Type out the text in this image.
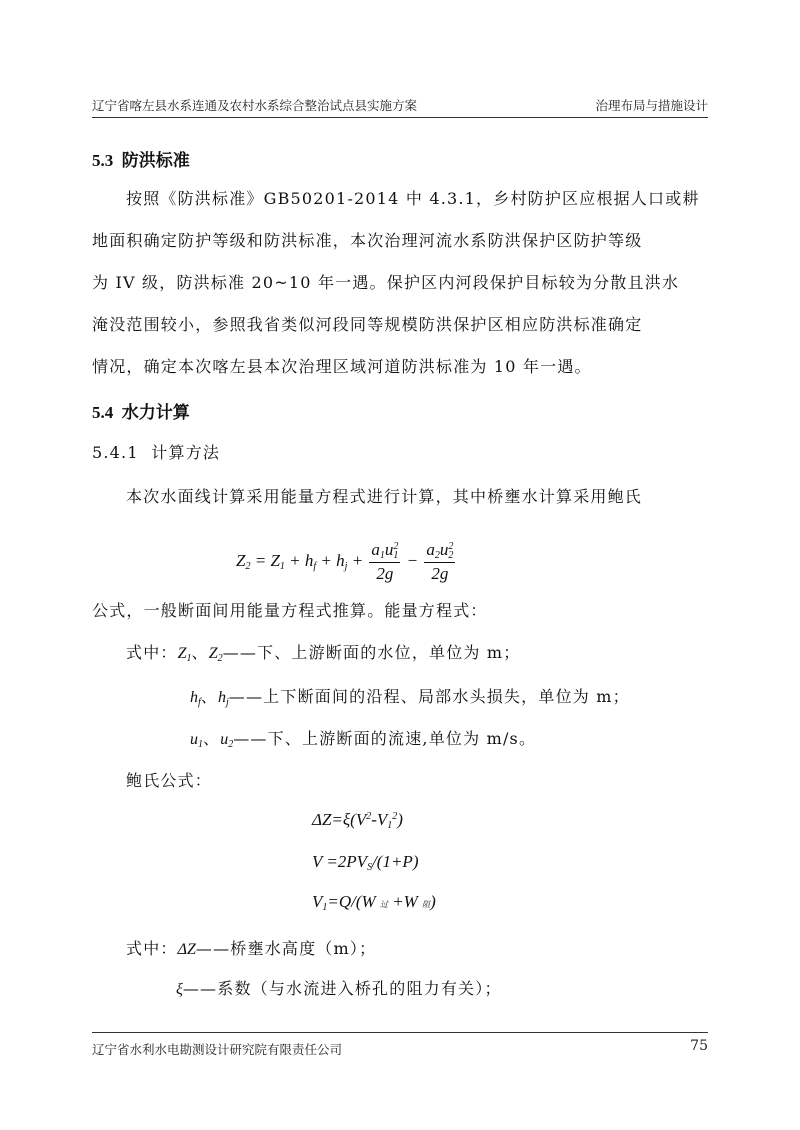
辽宁省喀左县水系连通及农村水系综合整治试点县实施方案	治理布局与措施设计
5.3 防洪标准
按照《防洪标准》GB50201-2014 中 4.3.1，乡村防护区应根据人口或耕
地面积确定防护等级和防洪标准，本次治理河流水系防洪保护区防护等级
为 IV 级，防洪标准 20~10 年一遇。保护区内河段保护目标较为分散且洪水
淹没范围较小，参照我省类似河段同等规模防洪保护区相应防洪标准确定
情况，确定本次喀左县本次治理区域河道防洪标准为 10 年一遇。
5.4 水力计算
5.4.1 计算方法
本次水面线计算采用能量方程式进行计算，其中桥壅水计算采用鲍氏
$Z_2 = Z_1 + h_f + h_j + \frac{a_1u^2_1}{2g} - \frac{a_2u^2_2}{2g}$
公式，一般断面间用能量方程式推算。能量方程式：
式中：$Z_1$、$Z_2——$下、上游断面的水位，单位为 m；
$h_f$、$h_j——$上下断面间的沿程、局部水头损失，单位为 m；
$u_1$、$u_2——$下、上游断面的流速,单位为 m/s。
鲍氏公式：
$\Delta Z=\xi(V^2-V_1^2)$
$V =2PV_S/(1+P)$
$V_1=Q/(W$ 过 +W 阻)
式中：ΔZ——桥壅水高度（m）；
ξ——系数（与水流进入桥孔的阻力有关）；
辽宁省水利水电勘测设计研究院有限责任公司	75
